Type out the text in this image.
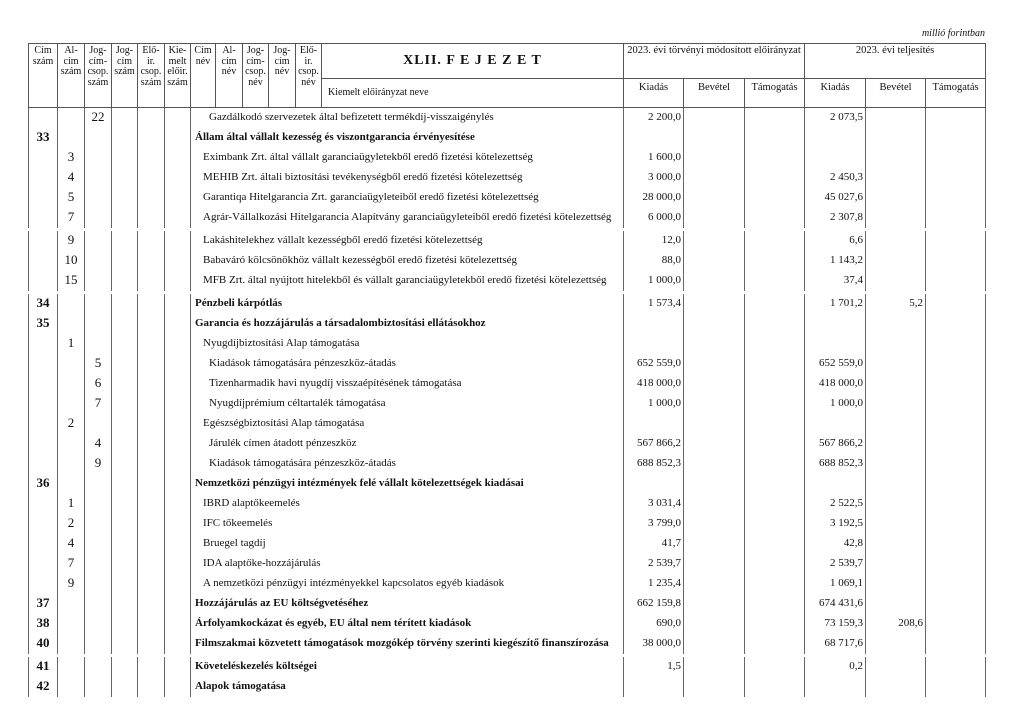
millió forintban
Cím szám	Al-cím szám	Jog-cím-csop. szám	Jog-cím szám	Elő-ir. csop. szám	Kie-melt előir. szám	Cím név	Al-cím név	Jog-cím-csop. név	Jog-cím név	Elő-ir. csop. név	XLII. F E J E Z E T	2023. évi törvényi módosított előirányzat			2023. évi teljesítés		
											Kiemelt előirányzat neve	Kiadás	Bevétel	Támogatás	Kiadás	Bevétel	Támogatás
		22				Gazdálkodó szervezetek által befizetett termékdíj-visszaigénylés						2 200,0			2 073,5		
33						Állam által vállalt kezesség és viszontgarancia érvényesítése											
	3					Eximbank Zrt. által vállalt garanciaügyletekből eredő fizetési kötelezettség						1 600,0					
	4					MEHIB Zrt. általi biztosítási tevékenységből eredő fizetési kötelezettség						3 000,0			2 450,3		
	5					Garantiqa Hitelgarancia Zrt. garanciaügyleteiből eredő fizetési kötelezettség						28 000,0			45 027,6		
	7					Agrár-Vállalkozási Hitelgarancia Alapítvány garanciaügyleteiből eredő fizetési kötelezettség						6 000,0			2 307,8		

	9					Lakáshitelekhez vállalt kezességből eredő fizetési kötelezettség						12,0			6,6		
	10					Babaváró kölcsönökhöz vállalt kezességből eredő fizetési kötelezettség						88,0			1 143,2		
	15					MFB Zrt. által nyújtott hitelekből és vállalt garanciaügyletekből eredő fizetési kötelezettség						1 000,0			37,4		

34						Pénzbeli kárpótlás						1 573,4			1 701,2	5,2	
35						Garancia és hozzájárulás a társadalombiztosítási ellátásokhoz											
	1					Nyugdíjbiztosítási Alap támogatása											
		5				Kiadások támogatására pénzeszköz-átadás						652 559,0			652 559,0		
		6				Tizenharmadik havi nyugdíj visszaépítésének támogatása						418 000,0			418 000,0		
		7				Nyugdíjprémium céltartalék támogatása						1 000,0			1 000,0		
	2					Egészségbiztosítási Alap támogatása											
		4				Járulék címen átadott pénzeszköz						567 866,2			567 866,2		
		9				Kiadások támogatására pénzeszköz-átadás						688 852,3			688 852,3		
36						Nemzetközi pénzügyi intézmények felé vállalt kötelezettségek kiadásai											
	1					IBRD alaptőkeemelés						3 031,4			2 522,5		
	2					IFC tőkeemelés						3 799,0			3 192,5		
	4					Bruegel tagdíj						41,7			42,8		
	7					IDA alaptőke-hozzájárulás						2 539,7			2 539,7		
	9					A nemzetközi pénzügyi intézményekkel kapcsolatos egyéb kiadások						1 235,4			1 069,1		
37						Hozzájárulás az EU költségvetéséhez						662 159,8			674 431,6		
38						Árfolyamkockázat és egyéb, EU által nem térített kiadások						690,0			73 159,3	208,6	
40						Filmszakmai közvetett támogatások mozgókép törvény szerinti kiegészítő finanszírozása						38 000,0			68 717,6		

41						Követeléskezelés költségei						1,5			0,2		
42						Alapok támogatása											
